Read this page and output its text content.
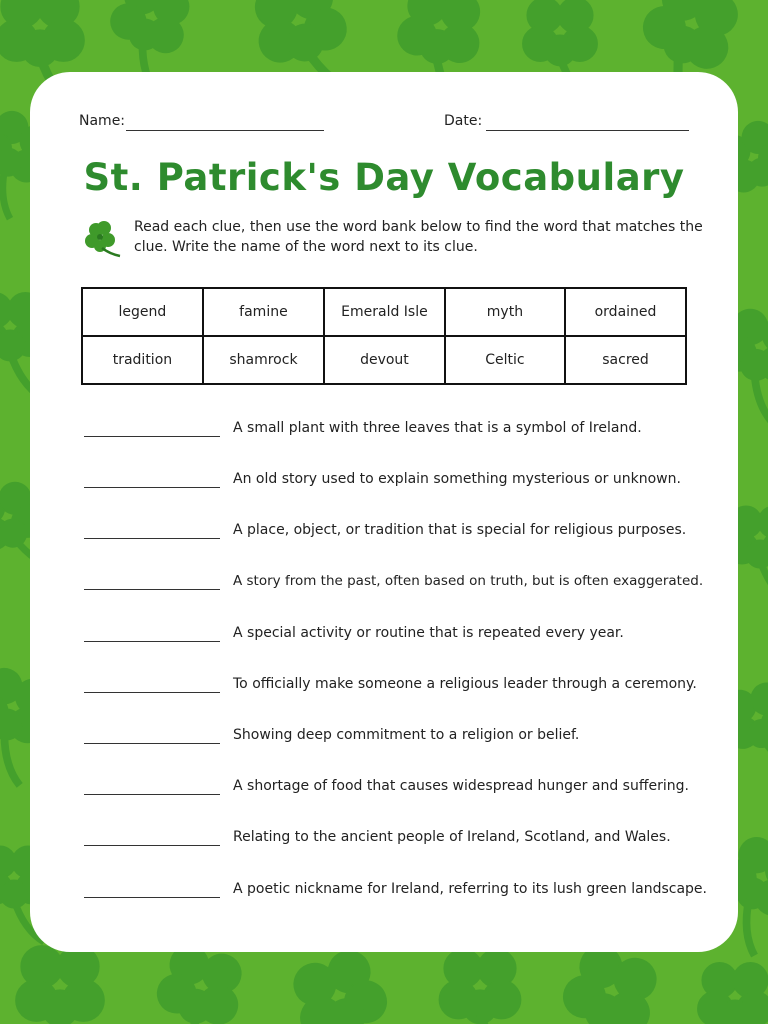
Name:	Date:
St. Patrick's Day Vocabulary
Read each clue, then use the word bank below to find the word that matches the clue. Write the name of the word next to its clue.
legend	famine	Emerald Isle	myth	ordained
tradition	shamrock	devout	Celtic	sacred
A small plant with three leaves that is a symbol of Ireland.
An old story used to explain something mysterious or unknown.
A place, object, or tradition that is special for religious purposes.
A story from the past, often based on truth, but is often exaggerated.
A special activity or routine that is repeated every year.
To officially make someone a religious leader through a ceremony.
Showing deep commitment to a religion or belief.
A shortage of food that causes widespread hunger and suffering.
Relating to the ancient people of Ireland, Scotland, and Wales.
A poetic nickname for Ireland, referring to its lush green landscape.
